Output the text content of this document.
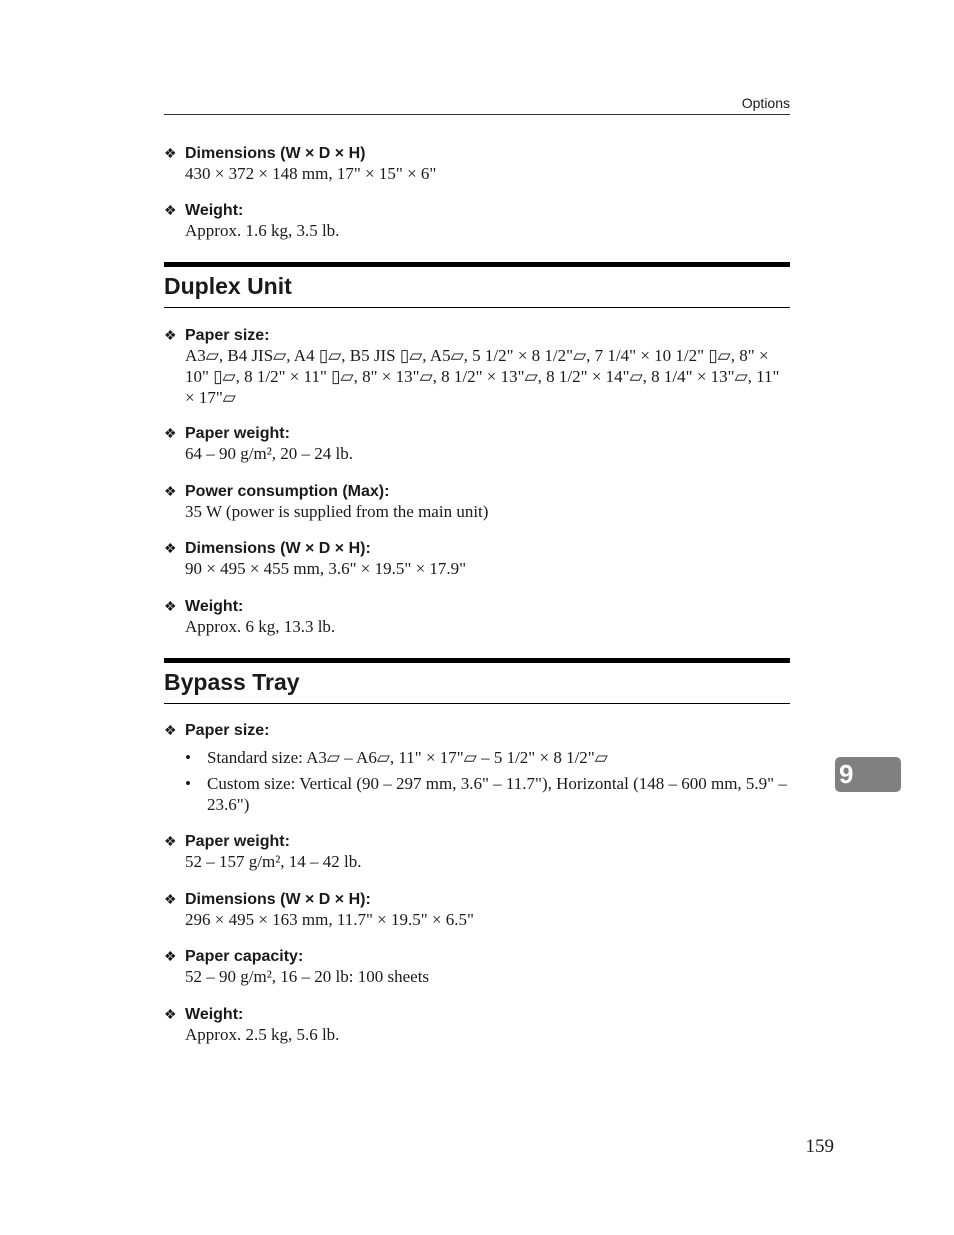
Options
❖ Dimensions (W × D × H)
430 × 372 × 148 mm, 17" × 15" × 6"
❖ Weight:
Approx. 1.6 kg, 3.5 lb.
Duplex Unit
❖ Paper size:
A3▱, B4 JIS▱, A4 ▯▱, B5 JIS ▯▱, A5▱, 5 1/2" × 8 1/2"▱, 7 1/4" × 10 1/2" ▯▱, 8" × 10" ▯▱, 8 1/2" × 11" ▯▱, 8" × 13"▱, 8 1/2" × 13"▱, 8 1/2" × 14"▱, 8 1/4" × 13"▱, 11" × 17"▱
❖ Paper weight:
64 – 90 g/m², 20 – 24 lb.
❖ Power consumption (Max):
35 W (power is supplied from the main unit)
❖ Dimensions (W × D × H):
90 × 495 × 455 mm, 3.6" × 19.5" × 17.9"
❖ Weight:
Approx. 6 kg, 13.3 lb.
Bypass Tray
❖ Paper size:
• Standard size: A3▱ – A6▱, 11" × 17"▱ – 5 1/2" × 8 1/2"▱
• Custom size: Vertical (90 – 297 mm, 3.6" – 11.7"), Horizontal (148 – 600 mm, 5.9" – 23.6")
❖ Paper weight:
52 – 157 g/m², 14 – 42 lb.
❖ Dimensions (W × D × H):
296 × 495 × 163 mm, 11.7" × 19.5" × 6.5"
❖ Paper capacity:
52 – 90 g/m², 16 – 20 lb: 100 sheets
❖ Weight:
Approx. 2.5 kg, 5.6 lb.
9
159
